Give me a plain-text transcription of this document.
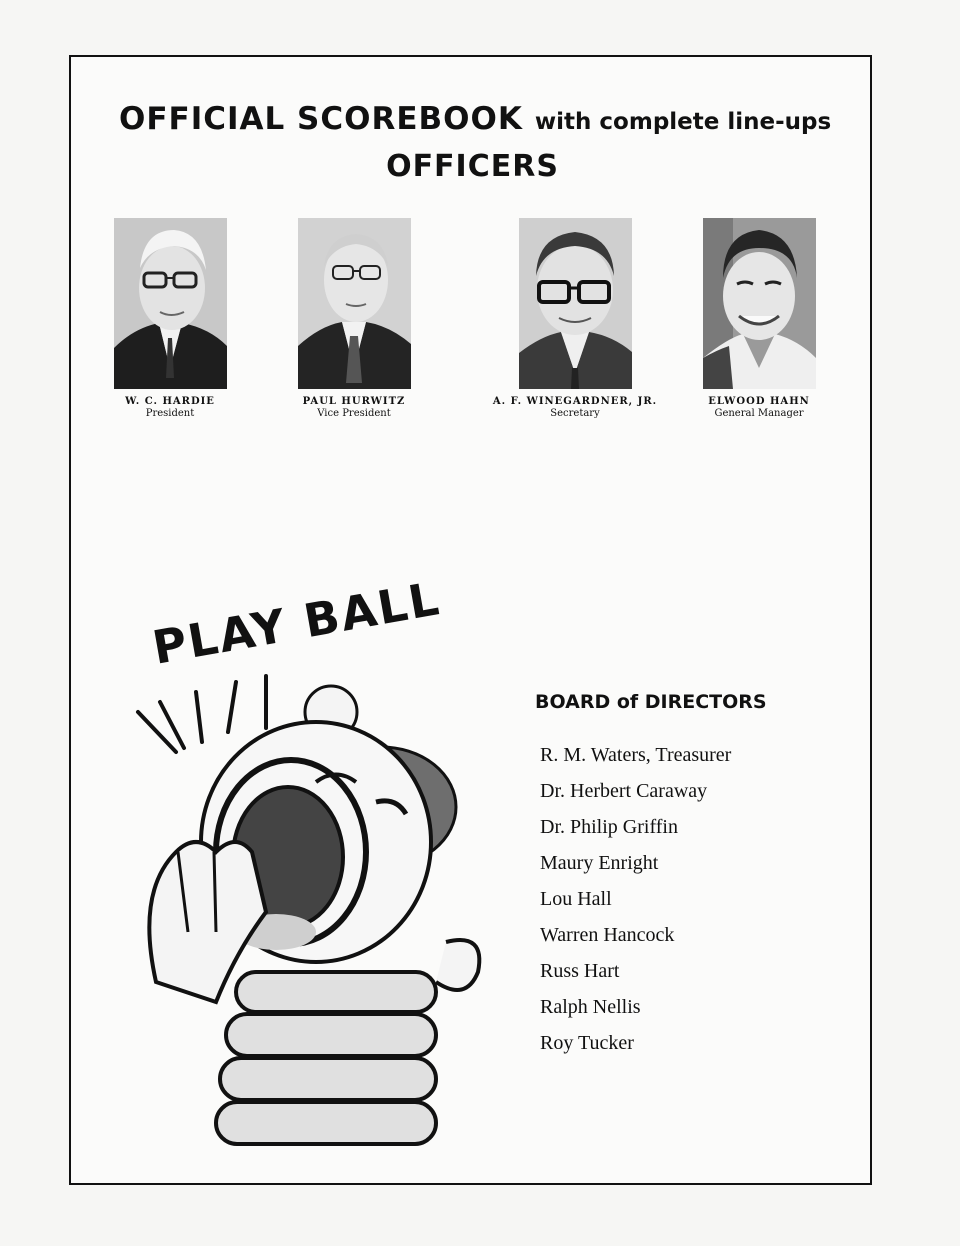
OFFICIAL SCOREBOOK with complete line-ups
OFFICERS
W. C. HARDIE
President
PAUL HURWITZ
Vice President
A. F. WINEGARDNER, JR.
Secretary
ELWOOD HAHN
General Manager
PLAY BALL
BOARD of DIRECTORS
R. M. Waters, Treasurer
Dr. Herbert Caraway
Dr. Philip Griffin
Maury Enright
Lou Hall
Warren Hancock
Russ Hart
Ralph Nellis
Roy Tucker
